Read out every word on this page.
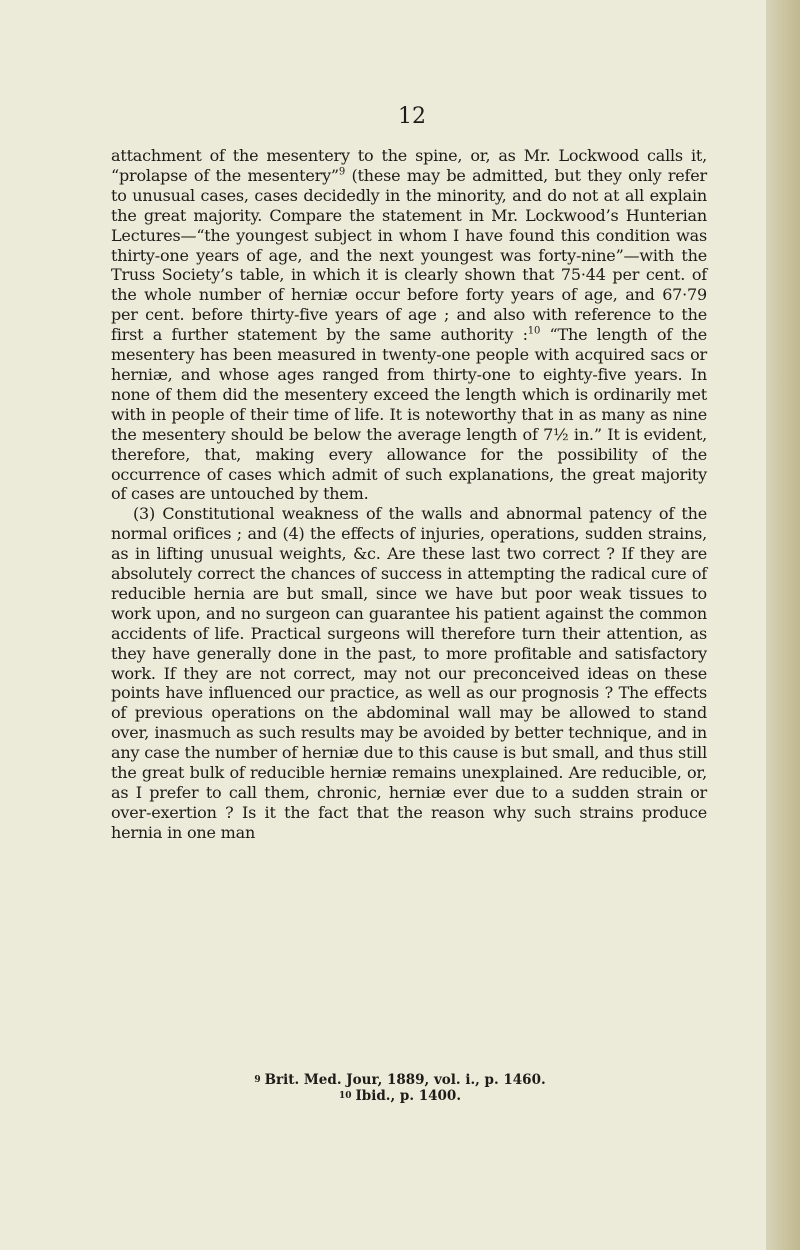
12

attachment of the mesentery to the spine, or, as Mr. Lockwood calls it, “prolapse of the mesentery”$^9$ (these may be admitted, but they only refer to unusual cases, cases decidedly in the minority, and do not at all explain the great majority. Compare the statement in Mr. Lockwood’s Hunterian Lectures—“the youngest subject in whom I have found this condition was thirty-one years of age, and the next youngest was forty-nine”—with the Truss Society’s table, in which it is clearly shown that 75·44 per cent. of the whole number of herniæ occur before forty years of age, and 67·79 per cent. before thirty-five years of age ; and also with reference to the first a further statement by the same authority :$^{10}$ “The length of the mesentery has been measured in twenty-one people with acquired sacs or herniæ, and whose ages ranged from thirty-one to eighty-five years. In none of them did the mesentery exceed the length which is ordinarily met with in people of their time of life. It is noteworthy that in as many as nine the mesentery should be below the average length of 7½ in.” It is evident, therefore, that, making every allowance for the possibility of the occurrence of cases which admit of such explanations, the great majority of cases are untouched by them.

(3) Constitutional weakness of the walls and abnormal patency of the normal orifices ; and (4) the effects of injuries, operations, sudden strains, as in lifting unusual weights, &c. Are these last two correct ? If they are absolutely correct the chances of success in attempting the radical cure of reducible hernia are but small, since we have but poor weak tissues to work upon, and no surgeon can guarantee his patient against the common accidents of life. Practical surgeons will therefore turn their attention, as they have generally done in the past, to more profitable and satisfactory work. If they are not correct, may not our preconceived ideas on these points have influenced our practice, as well as our prognosis ? The effects of previous operations on the abdominal wall may be allowed to stand over, inasmuch as such results may be avoided by better technique, and in any case the number of herniæ due to this cause is but small, and thus still the great bulk of reducible herniæ remains unexplained. Are reducible, or, as I prefer to call them, chronic, herniæ ever due to a sudden strain or over-exertion ? Is it the fact that the reason why such strains produce hernia in one man

$^9$ Brit. Med. Jour, 1889, vol. i., p. 1460.
$^{10}$ Ibid., p. 1400.
